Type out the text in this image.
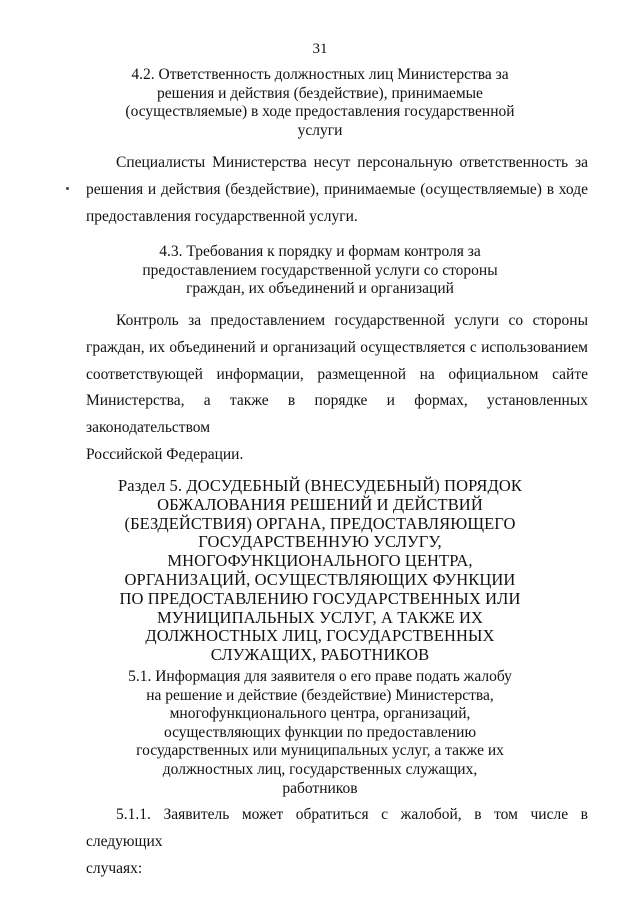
31
4.2. Ответственность должностных лиц Министерства за
решения и действия (бездействие), принимаемые
(осуществляемые) в ходе предоставления государственной
услуги
Специалисты Министерства несут персональную ответственность за
решения и действия (бездействие), принимаемые (осуществляемые) в ходе
предоставления государственной услуги.
4.3. Требования к порядку и формам контроля за
предоставлением государственной услуги со стороны
граждан, их объединений и организаций
Контроль за предоставлением государственной услуги со стороны
граждан, их объединений и организаций осуществляется с использованием
соответствующей информации, размещенной на официальном сайте
Министерства, а также в порядке и формах, установленных законодательством
Российской Федерации.
Раздел 5. ДОСУДЕБНЫЙ (ВНЕСУДЕБНЫЙ) ПОРЯДОК
ОБЖАЛОВАНИЯ РЕШЕНИЙ И ДЕЙСТВИЙ
(БЕЗДЕЙСТВИЯ) ОРГАНА, ПРЕДОСТАВЛЯЮЩЕГО
ГОСУДАРСТВЕННУЮ УСЛУГУ,
МНОГОФУНКЦИОНАЛЬНОГО ЦЕНТРА,
ОРГАНИЗАЦИЙ, ОСУЩЕСТВЛЯЮЩИХ ФУНКЦИИ
ПО ПРЕДОСТАВЛЕНИЮ ГОСУДАРСТВЕННЫХ ИЛИ
МУНИЦИПАЛЬНЫХ УСЛУГ, А ТАКЖЕ ИХ
ДОЛЖНОСТНЫХ ЛИЦ, ГОСУДАРСТВЕННЫХ
СЛУЖАЩИХ, РАБОТНИКОВ
5.1. Информация для заявителя о его праве подать жалобу
на решение и действие (бездействие) Министерства,
многофункционального центра, организаций,
осуществляющих функции по предоставлению
государственных или муниципальных услуг, а также их
должностных лиц, государственных служащих,
работников
5.1.1. Заявитель может обратиться с жалобой, в том числе в следующих
случаях:
